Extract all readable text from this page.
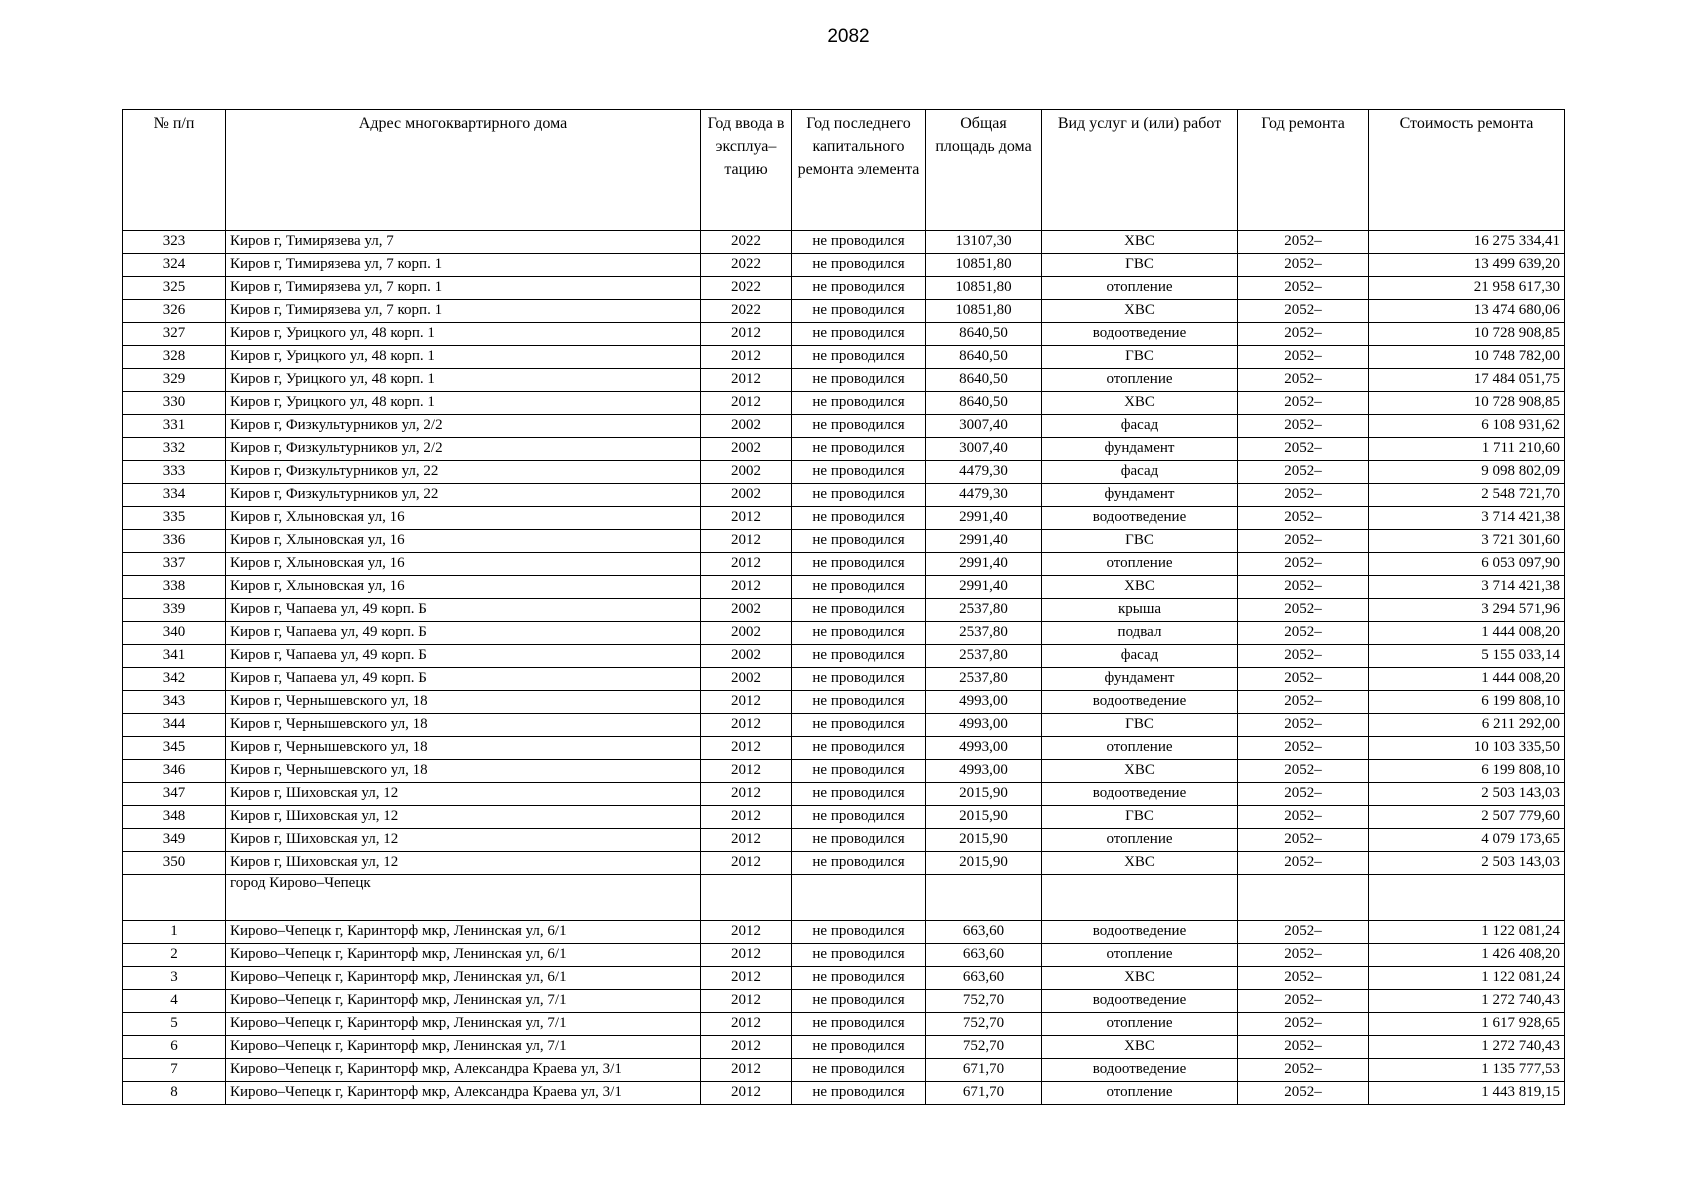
2082
№ п/п	Адрес многоквартирного дома	Год ввода в эксплуа–тацию	Год последнего капитального ремонта элемента	Общая площадь дома	Вид услуг и (или) работ	Год ремонта	Стоимость ремонта
323	Киров г, Тимирязева ул, 7	2022	не проводился	13107,30	ХВС	2052–	16 275 334,41
324	Киров г, Тимирязева ул, 7 корп. 1	2022	не проводился	10851,80	ГВС	2052–	13 499 639,20
325	Киров г, Тимирязева ул, 7 корп. 1	2022	не проводился	10851,80	отопление	2052–	21 958 617,30
326	Киров г, Тимирязева ул, 7 корп. 1	2022	не проводился	10851,80	ХВС	2052–	13 474 680,06
327	Киров г, Урицкого ул, 48 корп. 1	2012	не проводился	8640,50	водоотведение	2052–	10 728 908,85
328	Киров г, Урицкого ул, 48 корп. 1	2012	не проводился	8640,50	ГВС	2052–	10 748 782,00
329	Киров г, Урицкого ул, 48 корп. 1	2012	не проводился	8640,50	отопление	2052–	17 484 051,75
330	Киров г, Урицкого ул, 48 корп. 1	2012	не проводился	8640,50	ХВС	2052–	10 728 908,85
331	Киров г, Физкультурников ул, 2/2	2002	не проводился	3007,40	фасад	2052–	6 108 931,62
332	Киров г, Физкультурников ул, 2/2	2002	не проводился	3007,40	фундамент	2052–	1 711 210,60
333	Киров г, Физкультурников ул, 22	2002	не проводился	4479,30	фасад	2052–	9 098 802,09
334	Киров г, Физкультурников ул, 22	2002	не проводился	4479,30	фундамент	2052–	2 548 721,70
335	Киров г, Хлыновская ул, 16	2012	не проводился	2991,40	водоотведение	2052–	3 714 421,38
336	Киров г, Хлыновская ул, 16	2012	не проводился	2991,40	ГВС	2052–	3 721 301,60
337	Киров г, Хлыновская ул, 16	2012	не проводился	2991,40	отопление	2052–	6 053 097,90
338	Киров г, Хлыновская ул, 16	2012	не проводился	2991,40	ХВС	2052–	3 714 421,38
339	Киров г, Чапаева ул, 49 корп. Б	2002	не проводился	2537,80	крыша	2052–	3 294 571,96
340	Киров г, Чапаева ул, 49 корп. Б	2002	не проводился	2537,80	подвал	2052–	1 444 008,20
341	Киров г, Чапаева ул, 49 корп. Б	2002	не проводился	2537,80	фасад	2052–	5 155 033,14
342	Киров г, Чапаева ул, 49 корп. Б	2002	не проводился	2537,80	фундамент	2052–	1 444 008,20
343	Киров г, Чернышевского ул, 18	2012	не проводился	4993,00	водоотведение	2052–	6 199 808,10
344	Киров г, Чернышевского ул, 18	2012	не проводился	4993,00	ГВС	2052–	6 211 292,00
345	Киров г, Чернышевского ул, 18	2012	не проводился	4993,00	отопление	2052–	10 103 335,50
346	Киров г, Чернышевского ул, 18	2012	не проводился	4993,00	ХВС	2052–	6 199 808,10
347	Киров г, Шиховская ул, 12	2012	не проводился	2015,90	водоотведение	2052–	2 503 143,03
348	Киров г, Шиховская ул, 12	2012	не проводился	2015,90	ГВС	2052–	2 507 779,60
349	Киров г, Шиховская ул, 12	2012	не проводился	2015,90	отопление	2052–	4 079 173,65
350	Киров г, Шиховская ул, 12	2012	не проводился	2015,90	ХВС	2052–	2 503 143,03
	город Кирово–Чепецк						
1	Кирово–Чепецк г, Каринторф мкр, Ленинская ул, 6/1	2012	не проводился	663,60	водоотведение	2052–	1 122 081,24
2	Кирово–Чепецк г, Каринторф мкр, Ленинская ул, 6/1	2012	не проводился	663,60	отопление	2052–	1 426 408,20
3	Кирово–Чепецк г, Каринторф мкр, Ленинская ул, 6/1	2012	не проводился	663,60	ХВС	2052–	1 122 081,24
4	Кирово–Чепецк г, Каринторф мкр, Ленинская ул, 7/1	2012	не проводился	752,70	водоотведение	2052–	1 272 740,43
5	Кирово–Чепецк г, Каринторф мкр, Ленинская ул, 7/1	2012	не проводился	752,70	отопление	2052–	1 617 928,65
6	Кирово–Чепецк г, Каринторф мкр, Ленинская ул, 7/1	2012	не проводился	752,70	ХВС	2052–	1 272 740,43
7	Кирово–Чепецк г, Каринторф мкр, Александра Краева ул, 3/1	2012	не проводился	671,70	водоотведение	2052–	1 135 777,53
8	Кирово–Чепецк г, Каринторф мкр, Александра Краева ул, 3/1	2012	не проводился	671,70	отопление	2052–	1 443 819,15
